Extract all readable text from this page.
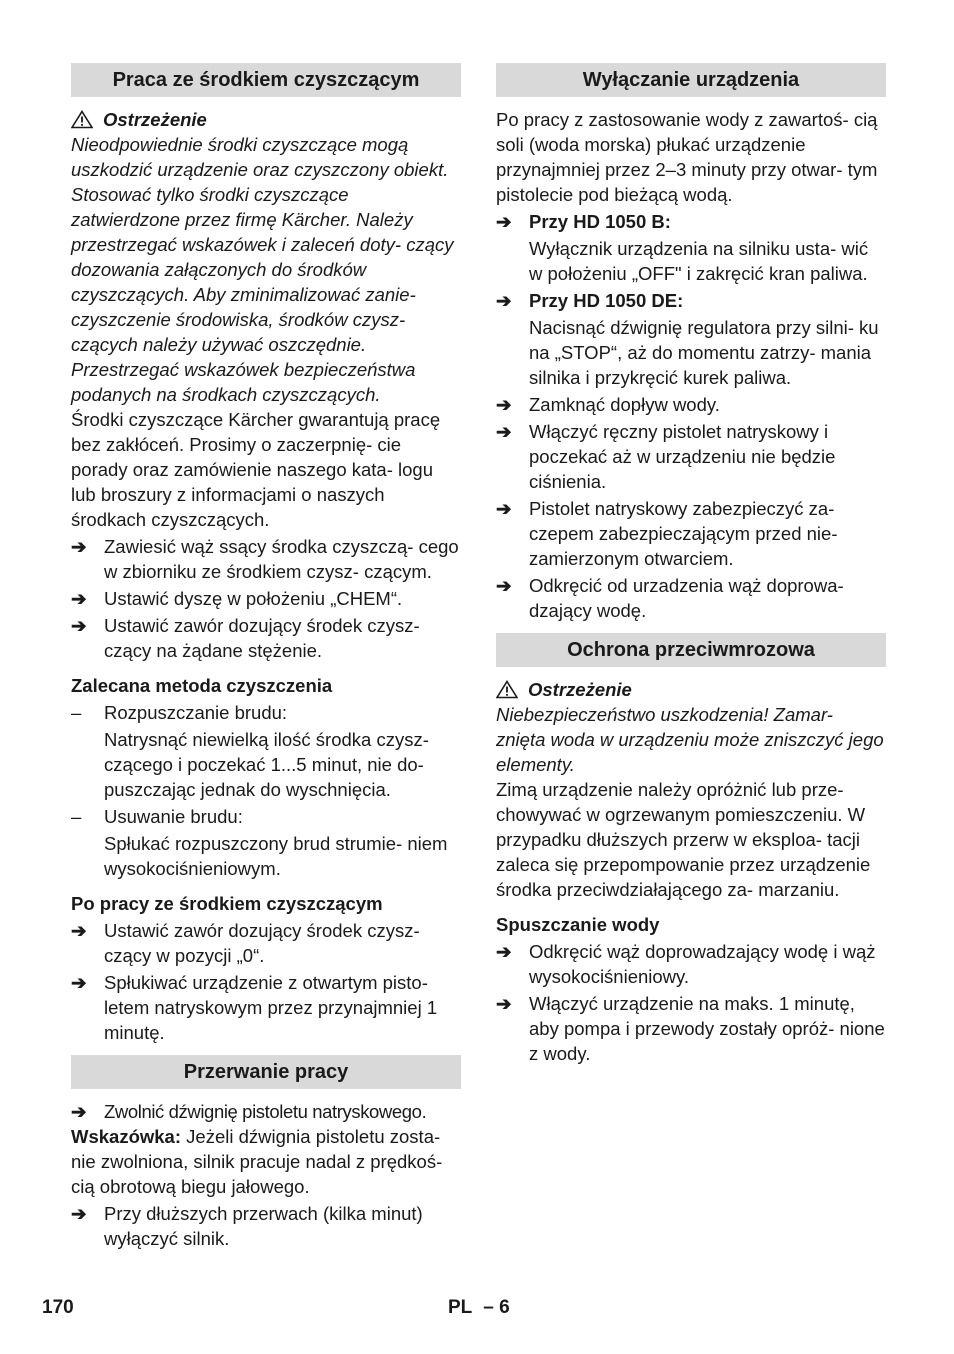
Praca ze środkiem czyszczącym
Ostrzeżenie

Nieodpowiednie środki czyszczące mogą uszkodzić urządzenie oraz czyszczony obiekt. Stosować tylko środki czyszczące zatwierdzone przez firmę Kärcher. Należy przestrzegać wskazówek i zaleceń doty- czący dozowania załączonych do środków czyszczących. Aby zminimalizować zanie- czyszczenie środowiska, środków czysz- czących należy używać oszczędnie. Przestrzegać wskazówek bezpieczeństwa podanych na środkach czyszczących.

Środki czyszczące Kärcher gwarantują pracę bez zakłóceń. Prosimy o zaczerpnię- cie porady oraz zamówienie naszego kata- logu lub broszury z informacjami o naszych środkach czyszczących.

➔ Zawiesić wąż ssący środka czyszczą- cego w zbiorniku ze środkiem czysz- czącym.
➔ Ustawić dyszę w położeniu „CHEM“.
➔ Ustawić zawór dozujący środek czysz- czący na żądane stężenie.
Zalecana metoda czyszczenia
–	Rozpuszczanie brudu:
Natrysnąć niewielką ilość środka czysz- czącego i poczekać 1...5 minut, nie do- puszczając jednak do wyschnięcia.
–	Usuwanie brudu:
Spłukać rozpuszczony brud strumie- niem wysokociśnieniowym.
Po pracy ze środkiem czyszczącym
➔ Ustawić zawór dozujący środek czysz- czący w pozycji „0“.
➔ Spłukiwać urządzenie z otwartym pisto- letem natryskowym przez przynajmniej 1 minutę.
Przerwanie pracy
➔ Zwolnić dźwignię pistoletu natryskowego.

Wskazówka: Jeżeli dźwignia pistoletu zosta- nie zwolniona, silnik pracuje nadal z prędkoś- cią obrotową biegu jałowego.

➔ Przy dłuższych przerwach (kilka minut) wyłączyć silnik.
Wyłączanie urządzenia

Po pracy z zastosowanie wody z zawartoś- cią soli (woda morska) płukać urządzenie przynajmniej przez 2–3 minuty przy otwar- tym pistolecie pod bieżącą wodą.

➔ Przy HD 1050 B:
Wyłącznik urządzenia na silniku usta- wić w położeniu „OFF" i zakręcić kran paliwa.
➔ Przy HD 1050 DE:
Nacisnąć dźwignię regulatora przy silni- ku na „STOP“, aż do momentu zatrzy- mania silnika i przykręcić kurek paliwa.
➔ Zamknąć dopływ wody.
➔ Włączyć ręczny pistolet natryskowy i poczekać aż w urządzeniu nie będzie ciśnienia.
➔ Pistolet natryskowy zabezpieczyć za- czepem zabezpieczającym przed nie- zamierzonym otwarciem.
➔ Odkręcić od urzadzenia wąż doprowa- dzający wodę.
Ochrona przeciwmrozowa
Ostrzeżenie

Niebezpieczeństwo uszkodzenia! Zamar- znięta woda w urządzeniu może zniszczyć jego elementy.

Zimą urządzenie należy opróżnić lub prze- chowywać w ogrzewanym pomieszczeniu. W przypadku dłuższych przerw w eksploa- tacji zaleca się przepompowanie przez urządzenie środka przeciwdziałającego za- marzaniu.

Spuszczanie wody
➔ Odkręcić wąż doprowadzający wodę i wąż wysokociśnieniowy.
➔ Włączyć urządzenie na maks. 1 minutę, aby pompa i przewody zostały opróż- nione z wody.
170	PL – 6
